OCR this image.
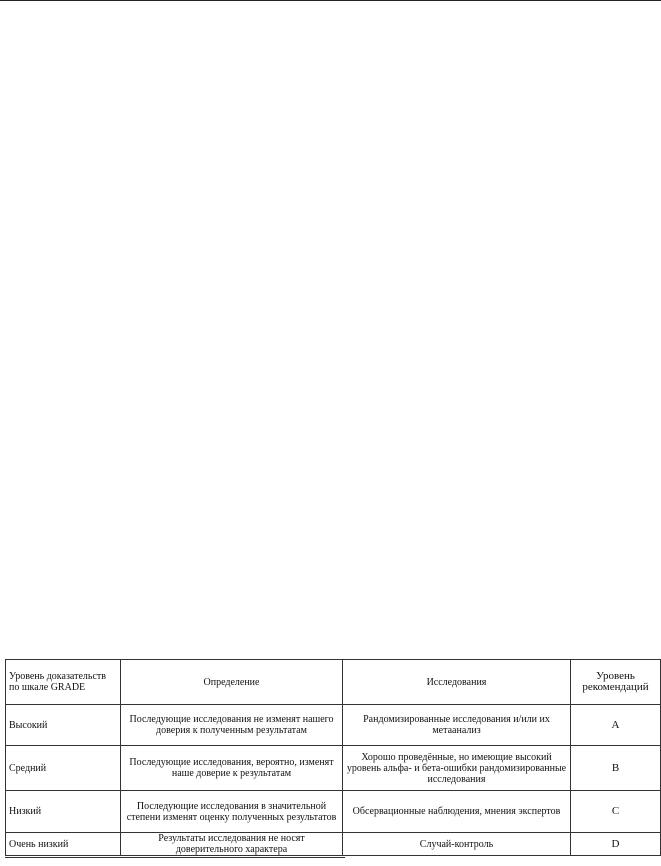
Уровень доказательств по шкале GRADE	Определение	Исследования	Уровень рекомендаций
Высокий	Последующие исследования не изменят нашего доверия к полученным результатам	Рандомизированные исследования и/или их метаанализ	A
Средний	Последующие исследования, вероятно, изменят наше доверие к результатам	Хорошо проведённые, но имеющие высокий уровень альфа- и бета-ошибки рандомизированные исследования	B
Низкий	Последующие исследования в значительной степени изменят оценку полученных результатов	Обсервационные наблюдения, мнения экспертов	C
Очень низкий	Результаты исследования не носят доверительного характера	Случай-контроль	D
